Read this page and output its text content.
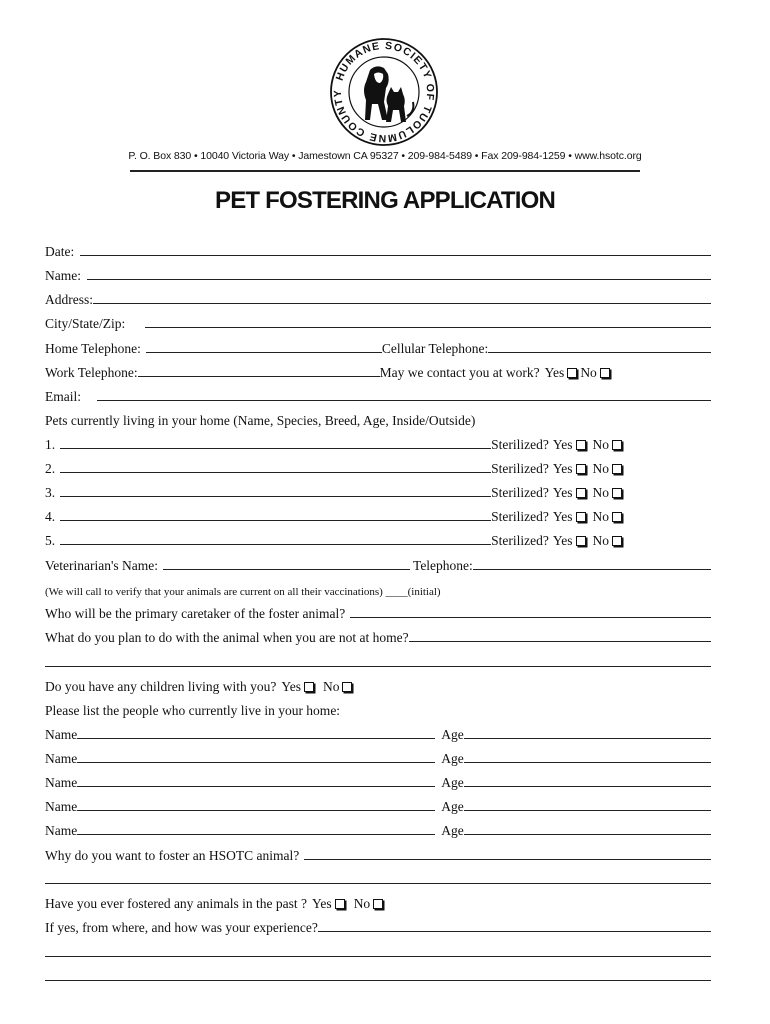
HUMANE SOCIETY OF TUOLUMNE COUNTY
P. O. Box 830 • 10040 Victoria Way • Jamestown CA 95327 • 209-984-5489 • Fax 209-984-1259 • www.hsotc.org
PET FOSTERING APPLICATION
Date:
Name:
Address:
City/State/Zip:
Home Telephone:	Cellular Telephone:
Work Telephone:	May we contact you at work? Yes No
Email:
Pets currently living in your home (Name, Species, Breed, Age, Inside/Outside)
1.	Sterilized? Yes No
2.	Sterilized? Yes No
3.	Sterilized? Yes No
4.	Sterilized? Yes No
5.	Sterilized? Yes No
Veterinarian's Name:	Telephone:
(We will call to verify that your animals are current on all their vaccinations) ____(initial)
Who will be the primary caretaker of the foster animal?
What do you plan to do with the animal when you are not at home?
Do you have any children living with you? Yes No
Please list the people who currently live in your home:
Name	Age
Name	Age
Name	Age
Name	Age
Name	Age
Why do you want to foster an HSOTC animal?
Have you ever fostered any animals in the past ? Yes No
If yes, from where, and how was your experience?
